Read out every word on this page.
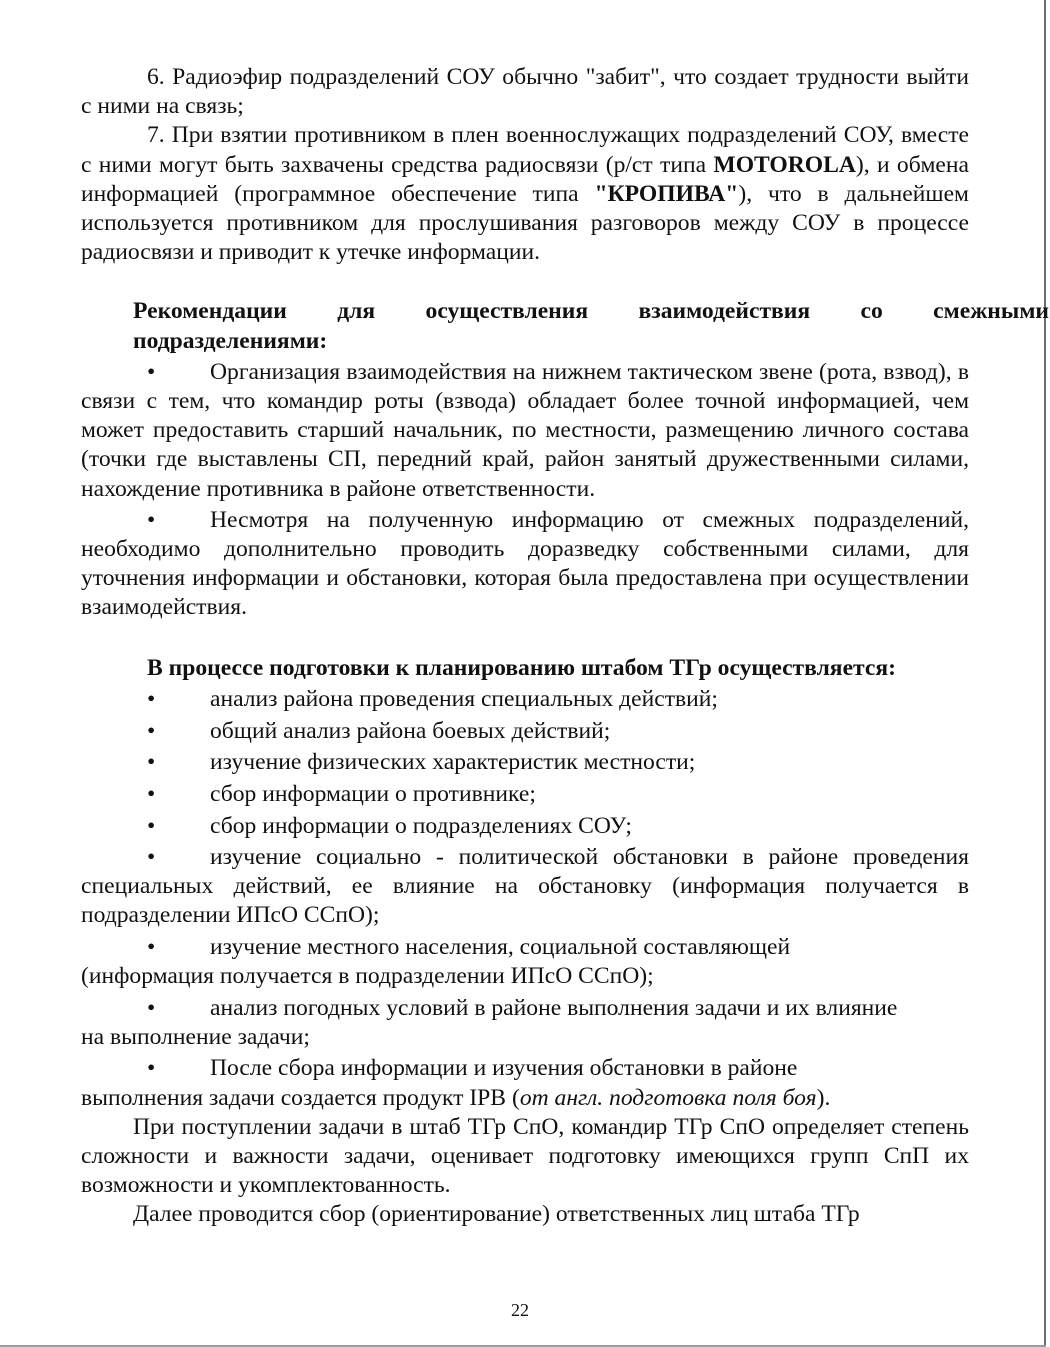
6. Радиоэфир подразделений СОУ обычно "забит", что создает трудности выйти с ними на связь;

7. При взятии противником в плен военнослужащих подразделений СОУ, вместе с ними могут быть захвачены средства радиосвязи (р/ст типа MOTOROLA), и обмена информацией (программное обеспечение типа "КРОПИВА"), что в дальнейшем используется противником для прослушивания разговоров между СОУ в процессе радиосвязи и приводит к утечке информации.

Рекомендации для осуществления взаимодействия со смежными
подразделениями:

• Организация взаимодействия на нижнем тактическом звене (рота, взвод), в связи с тем, что командир роты (взвода) обладает более точной информацией, чем может предоставить старший начальник, по местности, размещению личного состава (точки где выставлены СП, передний край, район занятый дружественными силами, нахождение противника в районе ответственности.

• Несмотря на полученную информацию от смежных подразделений, необходимо дополнительно проводить доразведку собственными силами, для уточнения информации и обстановки, которая была предоставлена при осуществлении взаимодействия.

В процессе подготовки к планированию штабом ТГр осуществляется:
•	анализ района проведения специальных действий;
•	общий анализ района боевых действий;
•	изучение физических характеристик местности;
•	сбор информации о противнике;
•	сбор информации о подразделениях СОУ;

• изучение социально - политической обстановки в районе проведения специальных действий, ее влияние на обстановку (информация получается в подразделении ИПсО ССпО);

•	изучение местного населения, социальной составляющей

(информация получается в подразделении ИПсО ССпО);

•	анализ погодных условий в районе выполнения задачи и их влияние

на выполнение задачи;

•	После сбора информации и изучения обстановки в районе

выполнения задачи создается продукт IPB (от англ. подготовка поля боя).

При поступлении задачи в штаб ТГр СпО, командир ТГр СпО определяет степень сложности и важности задачи, оценивает подготовку имеющихся групп СпП их возможности и укомплектованность.

Далее проводится сбор (ориентирование) ответственных лиц штаба ТГр

22
